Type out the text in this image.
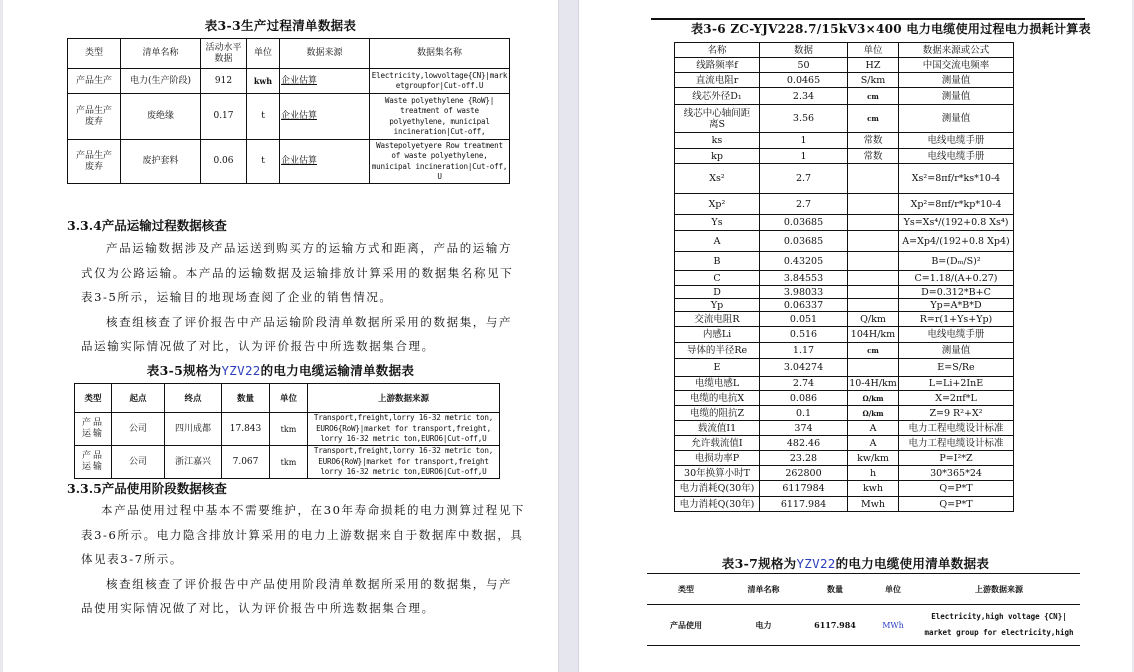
表3-3生产过程清单数据表
类型	清单名称	活动水平数据	单位	数据来源	数据集名称
产品生产	电力(生产阶段)	912	kwh	企业估算	Electricity,lowvoltage{CN}|marketgroupfor|Cut-off.U
产品生产废弃	废绝缘	0.17	t	企业估算	Waste polyethylene {RoW}| treatment of waste polyethylene, municipal incineration|Cut-off,
产品生产废弃	废护套料	0.06	t	企业估算	Wastepolyetyere Row treatment of waste polyethylene, municipal incineration|Cut-off, U
3.3.4产品运输过程数据核查
产品运输数据涉及产品运送到购买方的运输方式和距离，产品的运输方
式仅为公路运输。本产品的运输数据及运输排放计算采用的数据集名称见下
表3-5所示，运输目的地现场查阅了企业的销售情况。
核查组核查了评价报告中产品运输阶段清单数据所采用的数据集，与产
品运输实际情况做了对比，认为评价报告中所选数据集合理。
表3-5规格为YZV22的电力电缆运输清单数据表
类型	起点	终点	数量	单位	上游数据来源
产品运输	公司	四川成都	17.843	tkm	Transport,freight,lorry 16-32 metric ton, EURO6{RoW}|market for transport,freight, lorry 16-32 metric ton,EURO6|Cut-off,U
产品运输	公司	浙江嘉兴	7.067	tkm	Transport,freight,lorry 16-32 metric ton, EURO6{RoW}|market for transport,freight lorry 16-32 metric ton,EURO6|Cut-off,U
3.3.5产品使用阶段数据核查
本产品使用过程中基本不需要维护，在30年寿命损耗的电力测算过程见下
表3-6所示。电力隐含排放计算采用的电力上游数据来自于数据库中数据，具
体见表3-7所示。
核查组核查了评价报告中产品使用阶段清单数据所采用的数据集，与产
品使用实际情况做了对比，认为评价报告中所选数据集合理。
表3-6 ZC-YJV228.7/15kV3×400 电力电缆使用过程电力损耗计算表
名称	数据	单位	数据来源或公式
线路频率f	50	HZ	中国交流电频率
直流电阻r	0.0465	S/km	测量值
线芯外径D₁	2.34	cm	测量值
线芯中心轴间距离S	3.56	cm	测量值
ks	1	常数	电线电缆手册
kp	1	常数	电线电缆手册
Xs²	2.7		Xs²=8πf/r*ks*10-4
Xp²	2.7		Xp²=8πf/r*kp*10-4
Ys	0.03685		Ys=Xs⁴/(192+0.8 Xs⁴)
A	0.03685		A=Xp4/(192+0.8 Xp4)
B	0.43205		B=(Dₘ/S)²
C	3.84553		C=1.18/(A+0.27)
D	3.98033		D=0.312*B+C
Yp	0.06337		Yp=A*B*D
交流电阻R	0.051	Q/km	R=r(1+Ys+Yp)
内感Li	0.516	104H/km	电线电缆手册
导体的半径Re	1.17	cm	测量值
E	3.04274		E=S/Re
电缆电感L	2.74	10-4H/km	L=Li+2InE
电缆的电抗X	0.086	Ω/km	X=2πf*L
电缆的阻抗Z	0.1	Ω/km	Z=9 R²+X²
载流值I1	374	A	电力工程电缆设计标准
允许载流值I	482.46	A	电力工程电缆设计标准
电损功率P	23.28	kw/km	P=I²*Z
30年换算小时T	262800	h	30*365*24
电力消耗Q(30年)	6117984	kwh	Q=P*T
电力消耗Q(30年)	6117.984	Mwh	Q=P*T
表3-7规格为YZV22的电力电缆使用清单数据表
类型	清单名称	数量	单位	上游数据来源
产品使用	电力	6117.984	MWh	Electricity,high voltage {CN}|
market group for electricity,high
